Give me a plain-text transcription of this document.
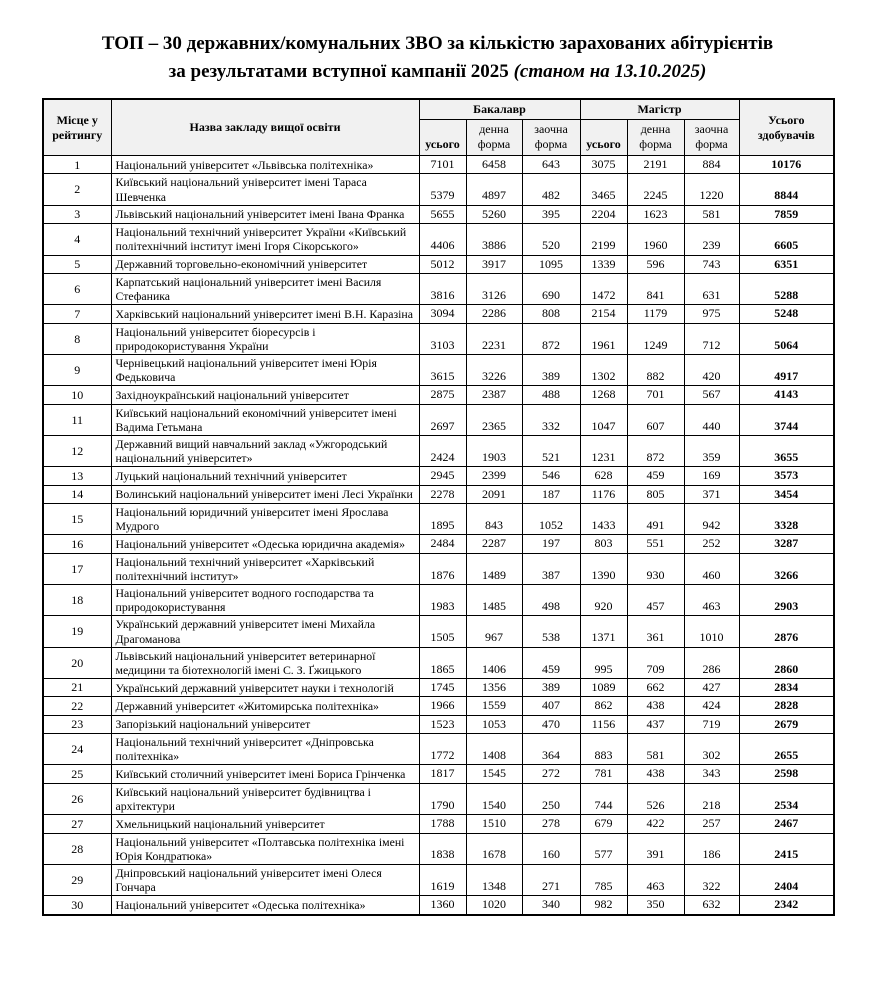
ТОП – 30 державних/комунальних ЗВО за кількістю зарахованих абітурієнтів
за результатами вступної кампанії 2025 (станом на 13.10.2025)
Місце у рейтингу	Назва закладу вищої освіти	Бакалавр			Магістр			Усього здобувачів
		усього	денна форма	заочна форма	усього	денна форма	заочна форма	
1	Національний університет «Львівська політехніка»	7101	6458	643	3075	2191	884	10176
2	Київський національний університет імені Тараса Шевченка	5379	4897	482	3465	2245	1220	8844
3	Львівський національний університет імені Івана Франка	5655	5260	395	2204	1623	581	7859
4	Національний технічний університет України «Київський політехнічний інститут імені Ігоря Сікорського»	4406	3886	520	2199	1960	239	6605
5	Державний торговельно-економічний університет	5012	3917	1095	1339	596	743	6351
6	Карпатський національний університет імені Василя Стефаника	3816	3126	690	1472	841	631	5288
7	Харківський національний університет імені В.Н. Каразіна	3094	2286	808	2154	1179	975	5248
8	Національний університет біоресурсів і природокористування України	3103	2231	872	1961	1249	712	5064
9	Чернівецький національний університет імені Юрія Федьковича	3615	3226	389	1302	882	420	4917
10	Західноукраїнський національний університет	2875	2387	488	1268	701	567	4143
11	Київський національний економічний університет імені Вадима Гетьмана	2697	2365	332	1047	607	440	3744
12	Державний вищий навчальний заклад «Ужгородський національний університет»	2424	1903	521	1231	872	359	3655
13	Луцький національний технічний університет	2945	2399	546	628	459	169	3573
14	Волинський національний університет імені Лесі Українки	2278	2091	187	1176	805	371	3454
15	Національний юридичний університет імені Ярослава Мудрого	1895	843	1052	1433	491	942	3328
16	Національний університет «Одеська юридична академія»	2484	2287	197	803	551	252	3287
17	Національний технічний університет «Харківський політехнічний інститут»	1876	1489	387	1390	930	460	3266
18	Національний університет водного господарства та природокористування	1983	1485	498	920	457	463	2903
19	Український державний університет імені Михайла Драгоманова	1505	967	538	1371	361	1010	2876
20	Львівський національний університет ветеринарної медицини та біотехнологій імені С. З. Ґжицького	1865	1406	459	995	709	286	2860
21	Український державний університет науки і технологій	1745	1356	389	1089	662	427	2834
22	Державний університет «Житомирська політехніка»	1966	1559	407	862	438	424	2828
23	Запорізький національний університет	1523	1053	470	1156	437	719	2679
24	Національний технічний університет «Дніпровська політехніка»	1772	1408	364	883	581	302	2655
25	Київський столичний університет імені Бориса Грінченка	1817	1545	272	781	438	343	2598
26	Київський національний університет будівництва і архітектури	1790	1540	250	744	526	218	2534
27	Хмельницький національний університет	1788	1510	278	679	422	257	2467
28	Національний університет «Полтавська політехніка імені Юрія Кондратюка»	1838	1678	160	577	391	186	2415
29	Дніпровський національний університет імені Олеся Гончара	1619	1348	271	785	463	322	2404
30	Національний університет «Одеська політехніка»	1360	1020	340	982	350	632	2342
